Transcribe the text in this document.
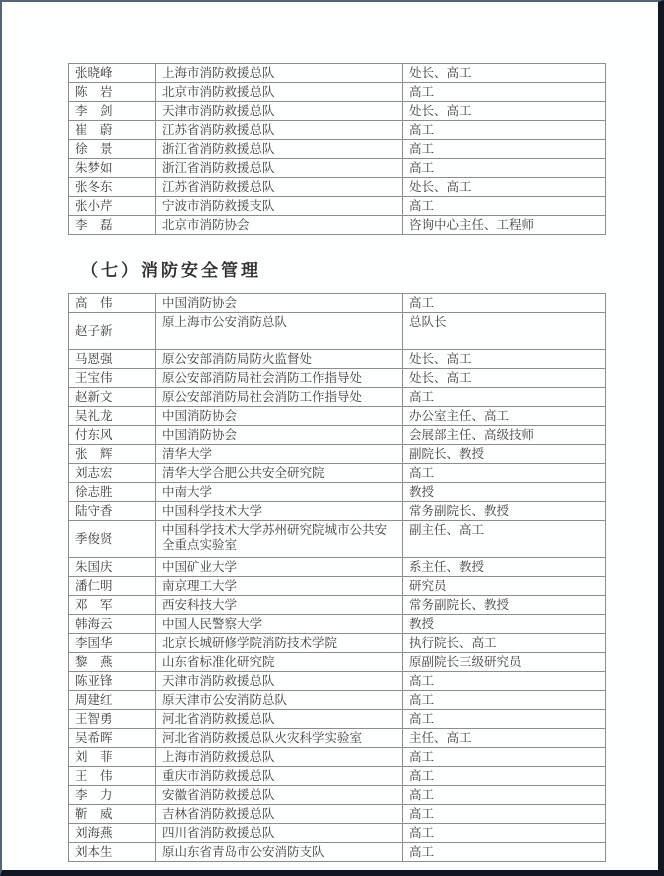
张晓峰	上海市消防救援总队	处长、高工
陈　岩	北京市消防救援总队	高工
李　剑	天津市消防救援总队	处长、高工
崔　蔚	江苏省消防救援总队	高工
徐　景	浙江省消防救援总队	高工
朱梦如	浙江省消防救援总队	高工
张冬东	江苏省消防救援总队	处长、高工
张小芹	宁波市消防救援支队	高工
李　磊	北京市消防协会	咨询中心主任、工程师
（七）消防安全管理
高　伟	中国消防协会	高工
赵子新	原上海市公安消防总队	总队长
马恩强	原公安部消防局防火监督处	处长、高工
王宝伟	原公安部消防局社会消防工作指导处	处长、高工
赵新文	原公安部消防局社会消防工作指导处	高工
吴礼龙	中国消防协会	办公室主任、高工
付东风	中国消防协会	会展部主任、高级技师
张　辉	清华大学	副院长、教授
刘志宏	清华大学合肥公共安全研究院	高工
徐志胜	中南大学	教授
陆守香	中国科学技术大学	常务副院长、教授
季俊贤	中国科学技术大学苏州研究院城市公共安全重点实验室	副主任、高工
朱国庆	中国矿业大学	系主任、教授
潘仁明	南京理工大学	研究员
邓　军	西安科技大学	常务副院长、教授
韩海云	中国人民警察大学	教授
李国华	北京长城研修学院消防技术学院	执行院长、高工
黎　燕	山东省标准化研究院	原副院长三级研究员
陈亚锋	天津市消防救援总队	高工
周建红	原天津市公安消防总队	高工
王智勇	河北省消防救援总队	高工
吴希晖	河北省消防救援总队火灾科学实验室	主任、高工
刘　菲	上海市消防救援总队	高工
王　伟	重庆市消防救援总队	高工
李　力	安徽省消防救援总队	高工
靳　威	吉林省消防救援总队	高工
刘海燕	四川省消防救援总队	高工
刘本生	原山东省青岛市公安消防支队	高工
